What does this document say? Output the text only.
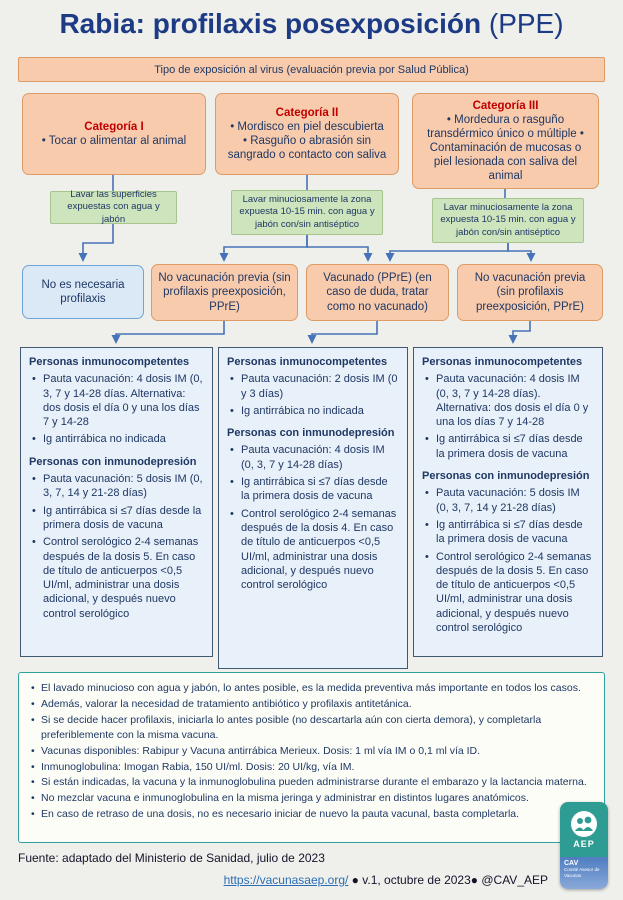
Rabia: profilaxis posexposición (PPE)
Tipo de exposición al virus (evaluación previa por Salud Pública)
Categoría I
• Tocar o alimentar al animal
Categoría II
• Mordisco en piel descubierta
• Rasguño o abrasión sin sangrado o contacto con saliva
Categoría III
• Mordedura o rasguño transdérmico único o múltiple • Contaminación de mucosas o piel lesionada con saliva del animal
Lavar las superficies expuestas con agua y jabón
Lavar minuciosamente la zona expuesta 10-15 min. con agua y jabón con/sin antiséptico
Lavar minuciosamente la zona expuesta 10-15 min. con agua y jabón con/sin antiséptico
No es necesaria profilaxis
No vacunación previa (sin profilaxis preexposición, PPrE)
Vacunado (PPrE) (en caso de duda, tratar como no vacunado)
No vacunación previa (sin profilaxis preexposición, PPrE)
Personas inmunocompetentes
• Pauta vacunación: 4 dosis IM (0, 3, 7 y 14-28 días. Alternativa: dos dosis el día 0 y una los días 7 y 14-28
• Ig antirrábica no indicada
Personas con inmunodepresión
• Pauta vacunación: 5 dosis IM (0, 3, 7, 14 y 21-28 días)
• Ig antirrábica si ≤7 días desde la primera dosis de vacuna
• Control serológico 2-4 semanas después de la dosis 5. En caso de título de anticuerpos <0,5 UI/ml, administrar una dosis adicional, y después nuevo control serológico
Personas inmunocompetentes
• Pauta vacunación: 2 dosis IM (0 y 3 días)
• Ig antirrábica no indicada
Personas con inmunodepresión
• Pauta vacunación: 4 dosis IM (0, 3, 7 y 14-28 días)
• Ig antirrábica si ≤7 días desde la primera dosis de vacuna
• Control serológico 2-4 semanas después de la dosis 4. En caso de título de anticuerpos <0,5 UI/ml, administrar una dosis adicional, y después nuevo control serológico
Personas inmunocompetentes
• Pauta vacunación: 4 dosis IM (0, 3, 7 y 14-28 días). Alternativa: dos dosis el día 0 y una los días 7 y 14-28
• Ig antirrábica si ≤7 días desde la primera dosis de vacuna
Personas con inmunodepresión
• Pauta vacunación: 5 dosis IM (0, 3, 7, 14 y 21-28 días)
• Ig antirrábica si ≤7 días desde la primera dosis de vacuna
• Control serológico 2-4 semanas después de la dosis 5. En caso de título de anticuerpos <0,5 UI/ml, administrar una dosis adicional, y después nuevo control serológico
• El lavado minucioso con agua y jabón, lo antes posible, es la medida preventiva más importante en todos los casos.
• Además, valorar la necesidad de tratamiento antibiótico y profilaxis antitetánica.
• Si se decide hacer profilaxis, iniciarla lo antes posible (no descartarla aún con cierta demora), y completarla preferiblemente con la misma vacuna.
• Vacunas disponibles: Rabipur y Vacuna antirrábica Merieux. Dosis: 1 ml vía IM o 0,1 ml vía ID.
• Inmunoglobulina: Imogan Rabia, 150 UI/ml. Dosis: 20 UI/kg, vía IM.
• Si están indicadas, la vacuna y la inmunoglobulina pueden administrarse durante el embarazo y la lactancia materna.
• No mezclar vacuna e inmunoglobulina en la misma jeringa y administrar en distintos lugares anatómicos.
• En caso de retraso de una dosis, no es necesario iniciar de nuevo la pauta vacunal, basta completarla.
Fuente: adaptado del Ministerio de Sanidad, julio de 2023
https://vacunasaep.org/ ● v.1, octubre de 2023● @CAV_AEP
AEP
CAV
Comité Asesor de Vacunas
